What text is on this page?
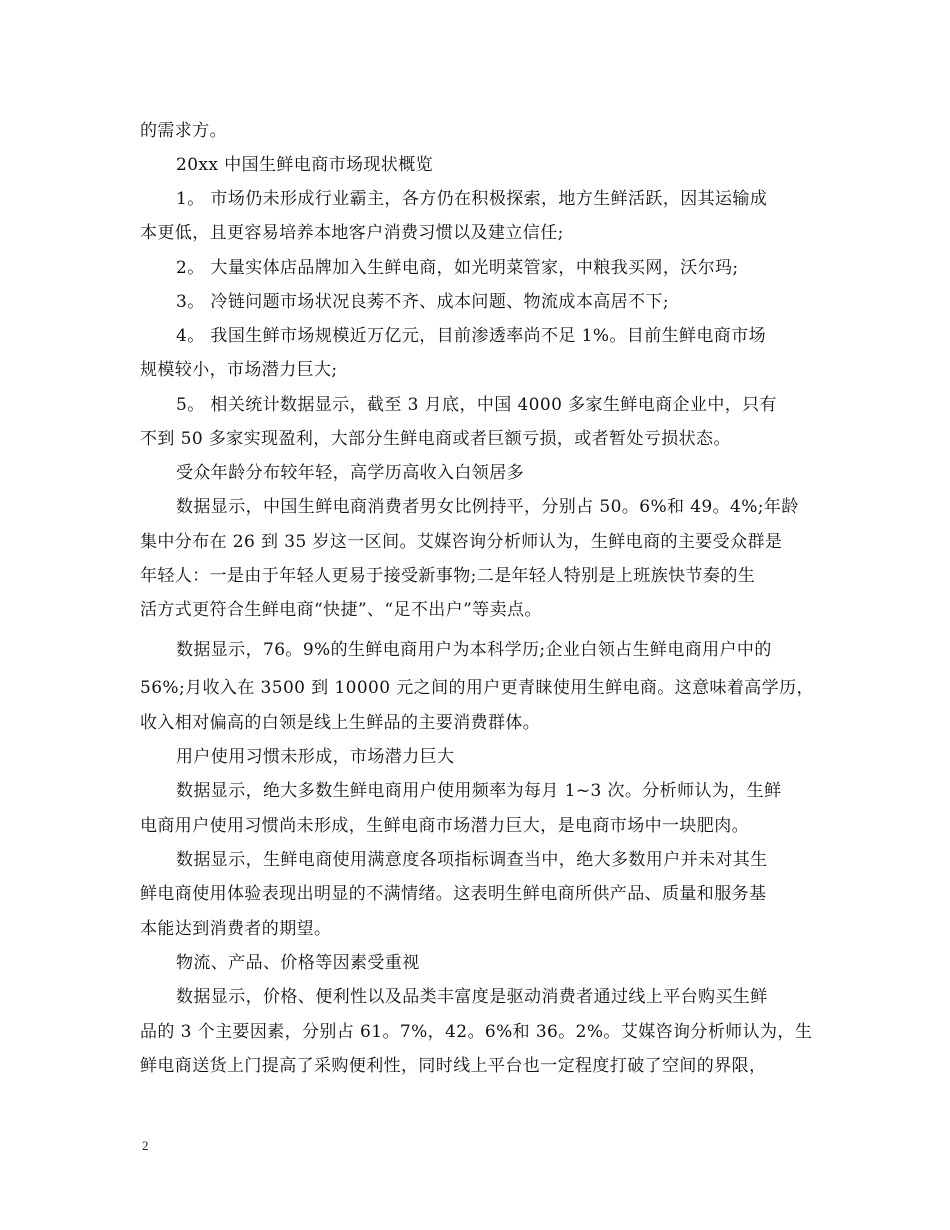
的需求方。
20xx 中国生鲜电商市场现状概览
1。 市场仍未形成行业霸主，各方仍在积极探索，地方生鲜活跃，因其运输成
本更低，且更容易培养本地客户消费习惯以及建立信任;
2。 大量实体店品牌加入生鲜电商，如光明菜管家，中粮我买网，沃尔玛;
3。 冷链问题市场状况良莠不齐、成本问题、物流成本高居不下;
4。 我国生鲜市场规模近万亿元，目前渗透率尚不足 1%。目前生鲜电商市场
规模较小，市场潜力巨大;
5。 相关统计数据显示，截至 3 月底，中国 4000 多家生鲜电商企业中，只有
不到 50 多家实现盈利，大部分生鲜电商或者巨额亏损，或者暂处亏损状态。
受众年龄分布较年轻，高学历高收入白领居多
数据显示，中国生鲜电商消费者男女比例持平，分别占 50。6%和 49。4%;年龄
集中分布在 26 到 35 岁这一区间。艾媒咨询分析师认为，生鲜电商的主要受众群是
年轻人：一是由于年轻人更易于接受新事物;二是年轻人特别是上班族快节奏的生
活方式更符合生鲜电商“快捷”、“足不出户”等卖点。
数据显示，76。9%的生鲜电商用户为本科学历;企业白领占生鲜电商用户中的
56%;月收入在 3500 到 10000 元之间的用户更青睐使用生鲜电商。这意味着高学历，
收入相对偏高的白领是线上生鲜品的主要消费群体。
用户使用习惯未形成，市场潜力巨大
数据显示，绝大多数生鲜电商用户使用频率为每月 1~3 次。分析师认为，生鲜
电商用户使用习惯尚未形成，生鲜电商市场潜力巨大，是电商市场中一块肥肉。
数据显示，生鲜电商使用满意度各项指标调查当中，绝大多数用户并未对其生
鲜电商使用体验表现出明显的不满情绪。这表明生鲜电商所供产品、质量和服务基
本能达到消费者的期望。
物流、产品、价格等因素受重视
数据显示，价格、便利性以及品类丰富度是驱动消费者通过线上平台购买生鲜
品的 3 个主要因素，分别占 61。7%，42。6%和 36。2%。艾媒咨询分析师认为，生
鲜电商送货上门提高了采购便利性，同时线上平台也一定程度打破了空间的界限，
2
